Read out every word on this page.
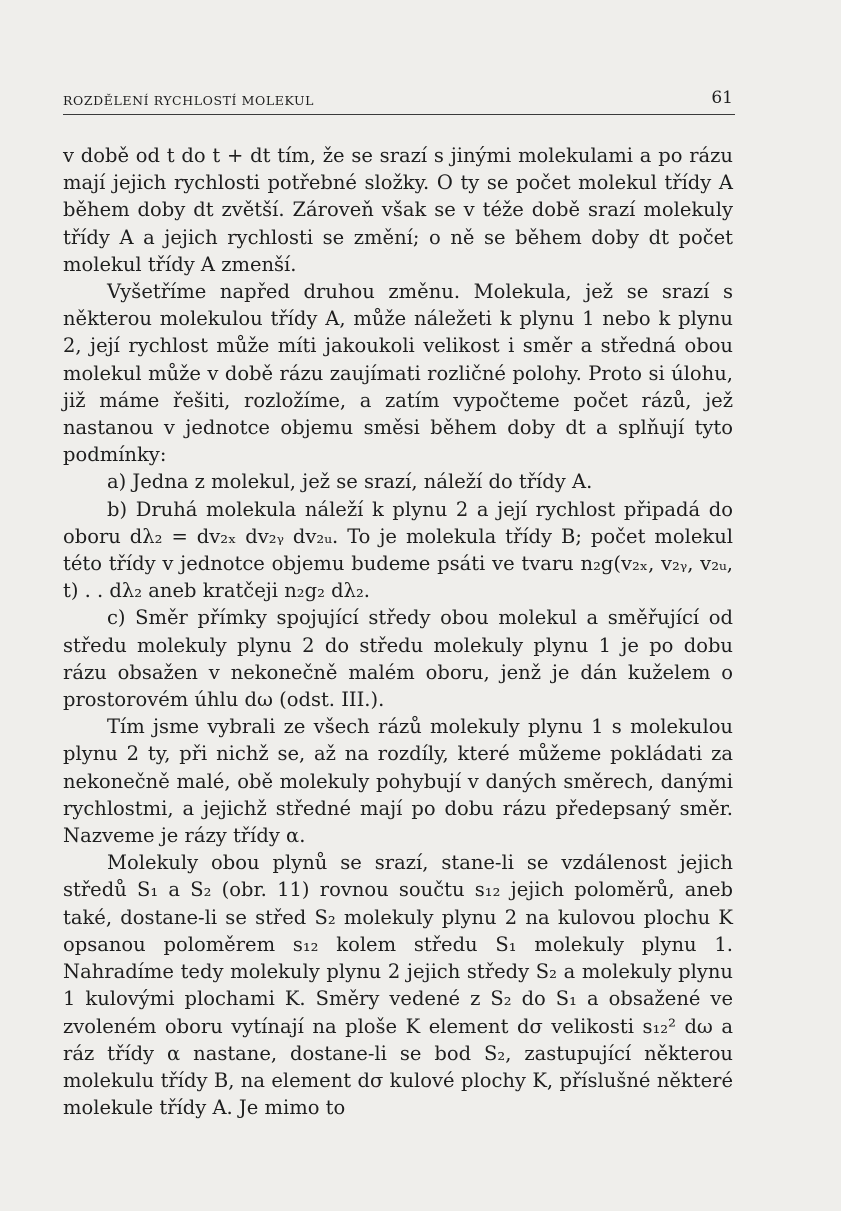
ROZDĚLENÍ RYCHLOSTÍ MOLEKUL	61

v době od t do t + dt tím, že se srazí s jinými molekulami a po rázu mají jejich rychlosti potřebné složky. O ty se počet molekul třídy A během doby dt zvětší. Zároveň však se v téže době srazí molekuly třídy A a jejich rychlosti se změní; o ně se během doby dt počet molekul třídy A zmenší.

Vyšetříme napřed druhou změnu. Molekula, jež se srazí s některou molekulou třídy A, může náležeti k plynu 1 nebo k plynu 2, její rychlost může míti jakoukoli velikost i směr a středná obou molekul může v době rázu zaujímati rozličné polohy. Proto si úlohu, již máme řešiti, rozložíme, a zatím vypočteme počet rázů, jež nastanou v jednotce objemu směsi během doby dt a splňují tyto podmínky:

a) Jedna z molekul, jež se srazí, náleží do třídy A.

b) Druhá molekula náleží k plynu 2 a její rychlost připadá do oboru dλ₂ = dv₂ₓ dv₂ᵧ dv₂ᵤ. To je molekula třídy B; počet molekul této třídy v jednotce objemu budeme psáti ve tvaru n₂g(v₂ₓ, v₂ᵧ, v₂ᵤ, t) . . dλ₂ aneb kratčeji n₂g₂ dλ₂.

c) Směr přímky spojující středy obou molekul a směřující od středu molekuly plynu 2 do středu molekuly plynu 1 je po dobu rázu obsažen v nekonečně malém oboru, jenž je dán kuželem o prostorovém úhlu dω (odst. III.).

Tím jsme vybrali ze všech rázů molekuly plynu 1 s molekulou plynu 2 ty, při nichž se, až na rozdíly, které můžeme pokládati za nekonečně malé, obě molekuly pohybují v daných směrech, danými rychlostmi, a jejichž středné mají po dobu rázu předepsaný směr. Nazveme je rázy třídy α.

Molekuly obou plynů se srazí, stane-li se vzdálenost jejich středů S₁ a S₂ (obr. 11) rovnou součtu s₁₂ jejich poloměrů, aneb také, dostane-li se střed S₂ molekuly plynu 2 na kulovou plochu K opsanou poloměrem s₁₂ kolem středu S₁ molekuly plynu 1. Nahradíme tedy molekuly plynu 2 jejich středy S₂ a molekuly plynu 1 kulovými plochami K. Směry vedené z S₂ do S₁ a obsažené ve zvoleném oboru vytínají na ploše K element dσ velikosti s₁₂² dω a ráz třídy α nastane, dostane-li se bod S₂, zastupující některou molekulu třídy B, na element dσ kulové plochy K, příslušné některé molekule třídy A. Je mimo to
